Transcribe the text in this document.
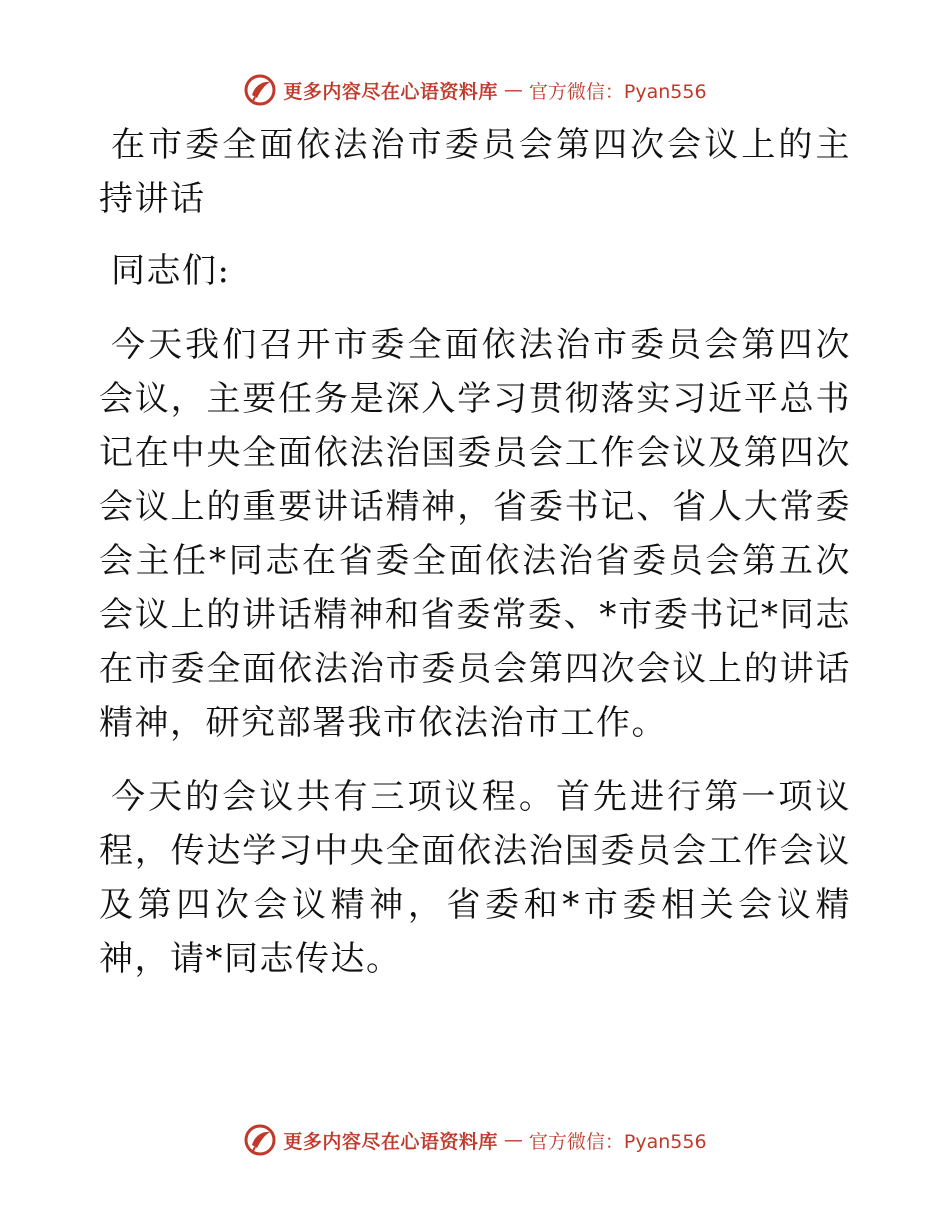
更多内容尽在心语资料库 — 官方微信：Pyan556

在市委全面依法治市委员会第四次会议上的主持讲话

同志们:

今天我们召开市委全面依法治市委员会第四次会议，主要任务是深入学习贯彻落实习近平总书记在中央全面依法治国委员会工作会议及第四次会议上的重要讲话精神，省委书记、省人大常委会主任*同志在省委全面依法治省委员会第五次会议上的讲话精神和省委常委、*市委书记*同志在市委全面依法治市委员会第四次会议上的讲话精神，研究部署我市依法治市工作。

今天的会议共有三项议程。首先进行第一项议程，传达学习中央全面依法治国委员会工作会议及第四次会议精神，省委和*市委相关会议精神，请*同志传达。

更多内容尽在心语资料库 — 官方微信：Pyan556
